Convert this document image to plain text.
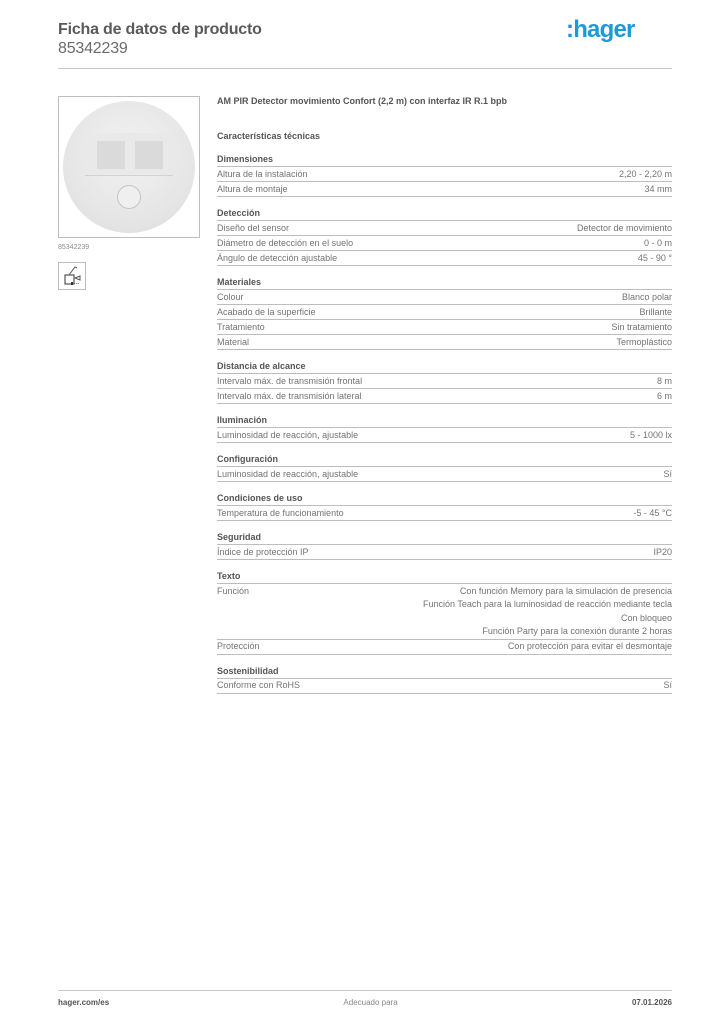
Ficha de datos de producto
85342239
:hager
85342239
AM PIR Detector movimiento Confort (2,2 m) con interfaz IR R.1 bpb
Características técnicas
Dimensiones
Altura de la instalación	2,20 - 2,20 m
Altura de montaje	34 mm
Detección
Diseño del sensor	Detector de movimiento
Diámetro de detección en el suelo	0 - 0 m
Ángulo de detección ajustable	45 - 90 °
Materiales
Colour	Blanco polar
Acabado de la superficie	Brillante
Tratamiento	Sin tratamiento
Material	Termoplástico
Distancia de alcance
Intervalo máx. de transmisión frontal	8 m
Intervalo máx. de transmisión lateral	6 m
Iluminación
Luminosidad de reacción, ajustable	5 - 1000 lx
Configuración
Luminosidad de reacción, ajustable	Sí
Condiciones de uso
Temperatura de funcionamiento	-5 - 45 °C
Seguridad
Índice de protección IP	IP20
Texto
Función	Con función Memory para la simulación de presencia
Función Teach para la luminosidad de reacción mediante tecla
Con bloqueo
Función Party para la conexión durante 2 horas
Protección	Con protección para evitar el desmontaje
Sostenibilidad
Conforme con RoHS	Sí
hager.com/es	Adecuado para	07.01.2026
